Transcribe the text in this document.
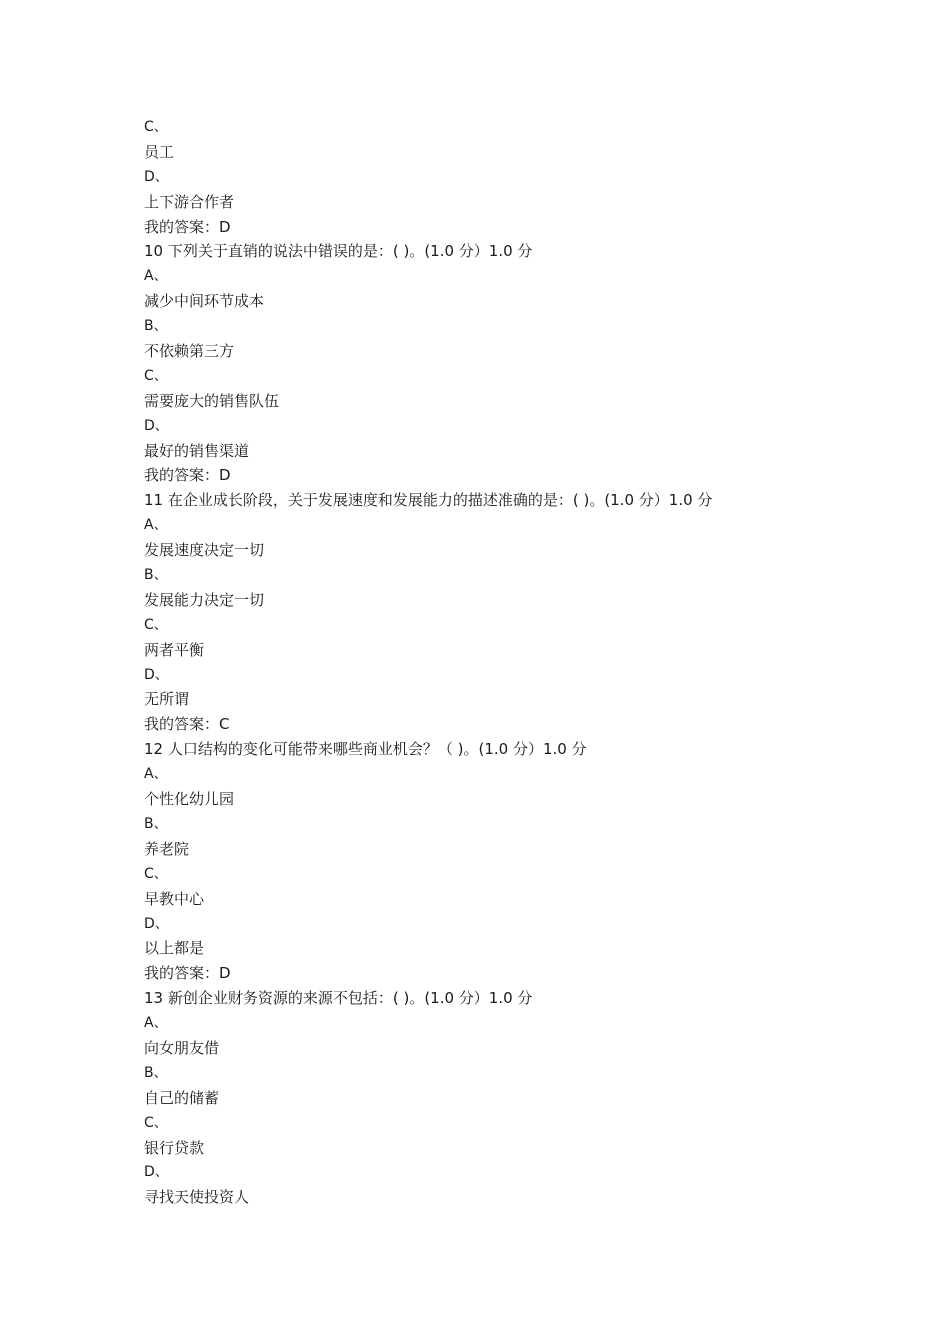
C、
员工
D、
上下游合作者
我的答案：D
10 下列关于直销的说法中错误的是：( )。(1.0 分）1.0 分
A、
减少中间环节成本
B、
不依赖第三方
C、
需要庞大的销售队伍
D、
最好的销售渠道
我的答案：D
11 在企业成长阶段，关于发展速度和发展能力的描述准确的是：( )。(1.0 分）1.0 分
A、
发展速度决定一切
B、
发展能力决定一切
C、
两者平衡
D、
无所谓
我的答案：C
12 人口结构的变化可能带来哪些商业机会？（ )。(1.0 分）1.0 分
A、
个性化幼儿园
B、
养老院
C、
早教中心
D、
以上都是
我的答案：D
13 新创企业财务资源的来源不包括：( )。(1.0 分）1.0 分
A、
向女朋友借
B、
自己的储蓄
C、
银行贷款
D、
寻找天使投资人
